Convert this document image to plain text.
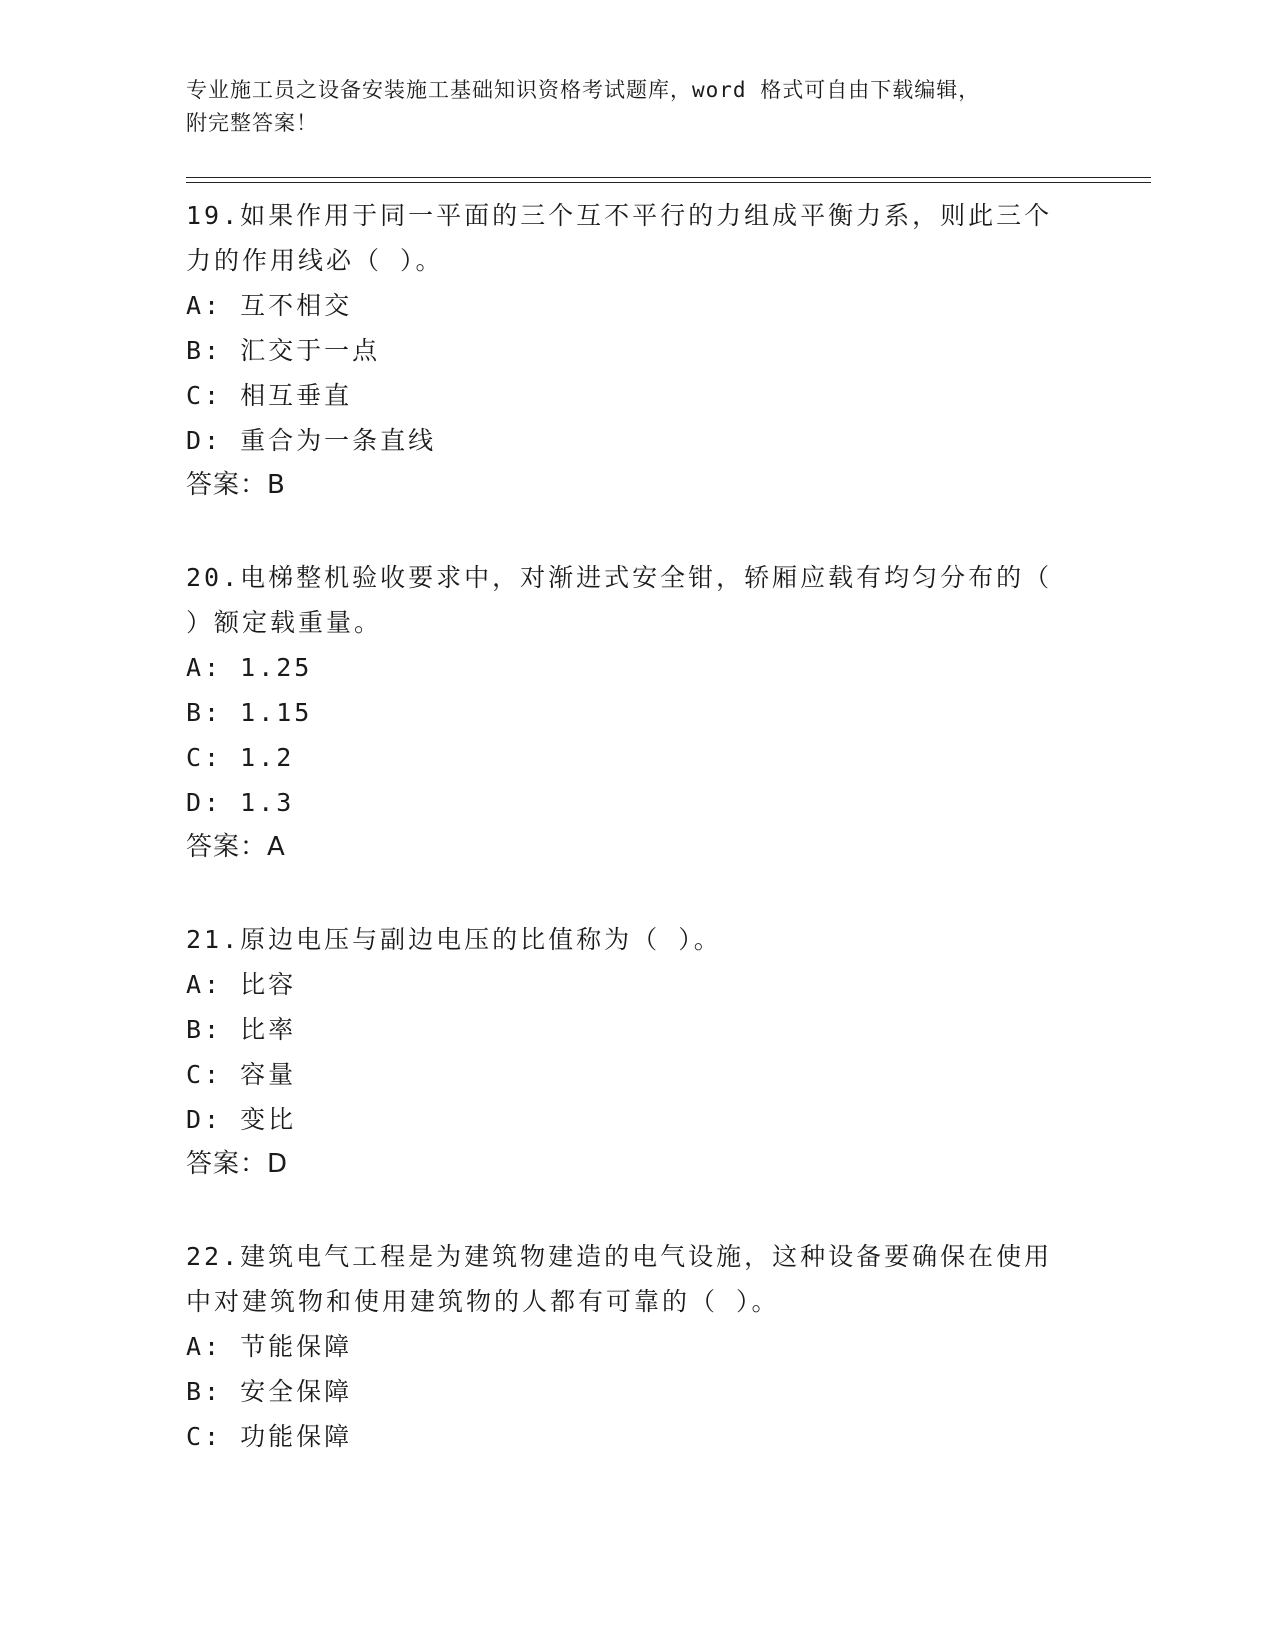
专业施工员之设备安装施工基础知识资格考试题库，word 格式可自由下载编辑，
附完整答案！
19.如果作用于同一平面的三个互不平行的力组成平衡力系，则此三个
力的作用线必（ ）。
A: 互不相交
B: 汇交于一点
C: 相互垂直
D: 重合为一条直线
答案：B
20.电梯整机验收要求中，对渐进式安全钳，轿厢应载有均匀分布的（
）额定载重量。
A: 1.25
B: 1.15
C: 1.2
D: 1.3
答案：A
21.原边电压与副边电压的比值称为（ ）。
A: 比容
B: 比率
C: 容量
D: 变比
答案：D
22.建筑电气工程是为建筑物建造的电气设施，这种设备要确保在使用
中对建筑物和使用建筑物的人都有可靠的（ ）。
A: 节能保障
B: 安全保障
C: 功能保障
